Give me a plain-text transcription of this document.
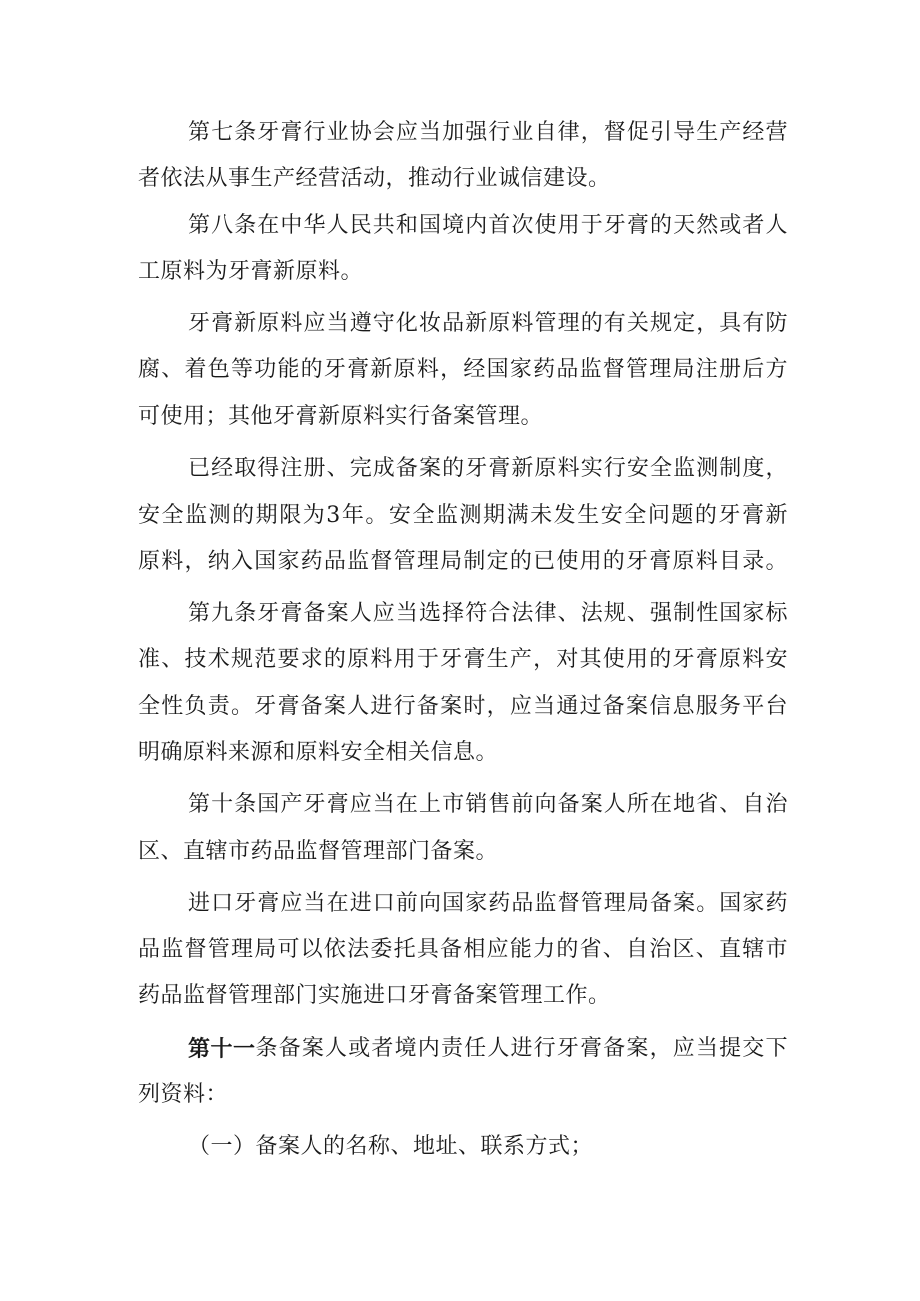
第七条牙膏行业协会应当加强行业自律，督促引导生产经营
者依法从事生产经营活动，推动行业诚信建设。
第八条在中华人民共和国境内首次使用于牙膏的天然或者人
工原料为牙膏新原料。
牙膏新原料应当遵守化妆品新原料管理的有关规定，具有防
腐、着色等功能的牙膏新原料，经国家药品监督管理局注册后方
可使用；其他牙膏新原料实行备案管理。
已经取得注册、完成备案的牙膏新原料实行安全监测制度，
安全监测的期限为3年。安全监测期满未发生安全问题的牙膏新
原料，纳入国家药品监督管理局制定的已使用的牙膏原料目录。
第九条牙膏备案人应当选择符合法律、法规、强制性国家标
准、技术规范要求的原料用于牙膏生产，对其使用的牙膏原料安
全性负责。牙膏备案人进行备案时，应当通过备案信息服务平台
明确原料来源和原料安全相关信息。
第十条国产牙膏应当在上市销售前向备案人所在地省、自治
区、直辖市药品监督管理部门备案。
进口牙膏应当在进口前向国家药品监督管理局备案。国家药
品监督管理局可以依法委托具备相应能力的省、自治区、直辖市
药品监督管理部门实施进口牙膏备案管理工作。
第十一 条备案人或者境内责任人进行牙膏备案，应当提交下
列资料：
（一）备案人的名称、地址、联系方式；
